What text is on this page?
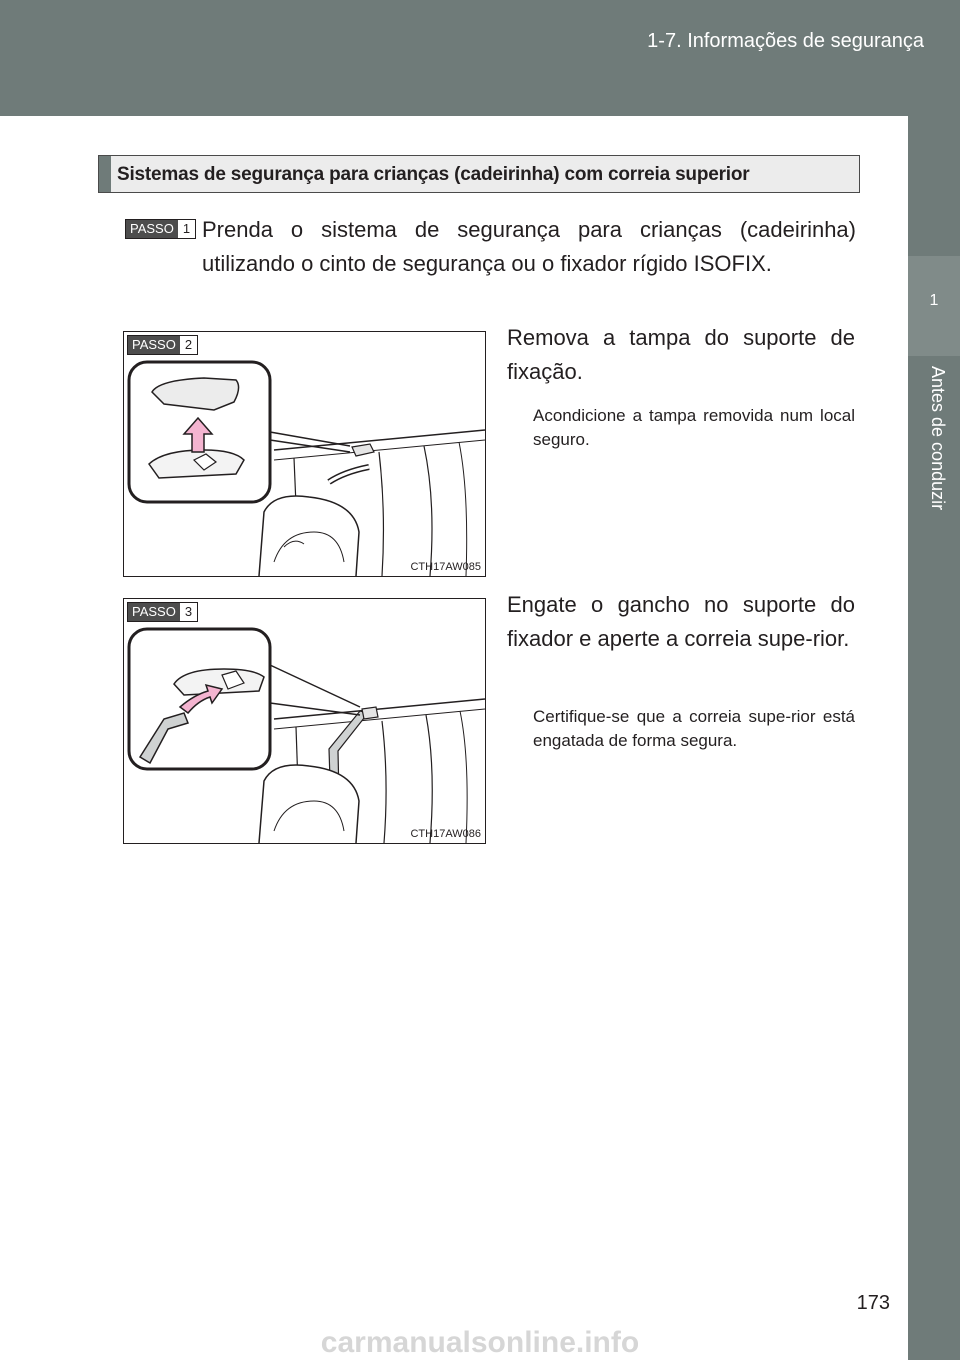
1-7. Informações de segurança
1
Antes de conduzir
Sistemas de segurança para crianças (cadeirinha) com correia superior
PASSO 1 Prenda o sistema de segurança para crianças (cadeirinha) utilizando o cinto de segurança ou o fixador rígido ISOFIX.
PASSO 2
CTH17AW085
Remova a tampa do suporte de fixação.
Acondicione a tampa removida num local seguro.
PASSO 3
CTH17AW086
Engate o gancho no suporte do fixador e aperte a correia supe-rior.
Certifique-se que a correia supe-rior está engatada de forma segura.
173
carmanualsonline.info
